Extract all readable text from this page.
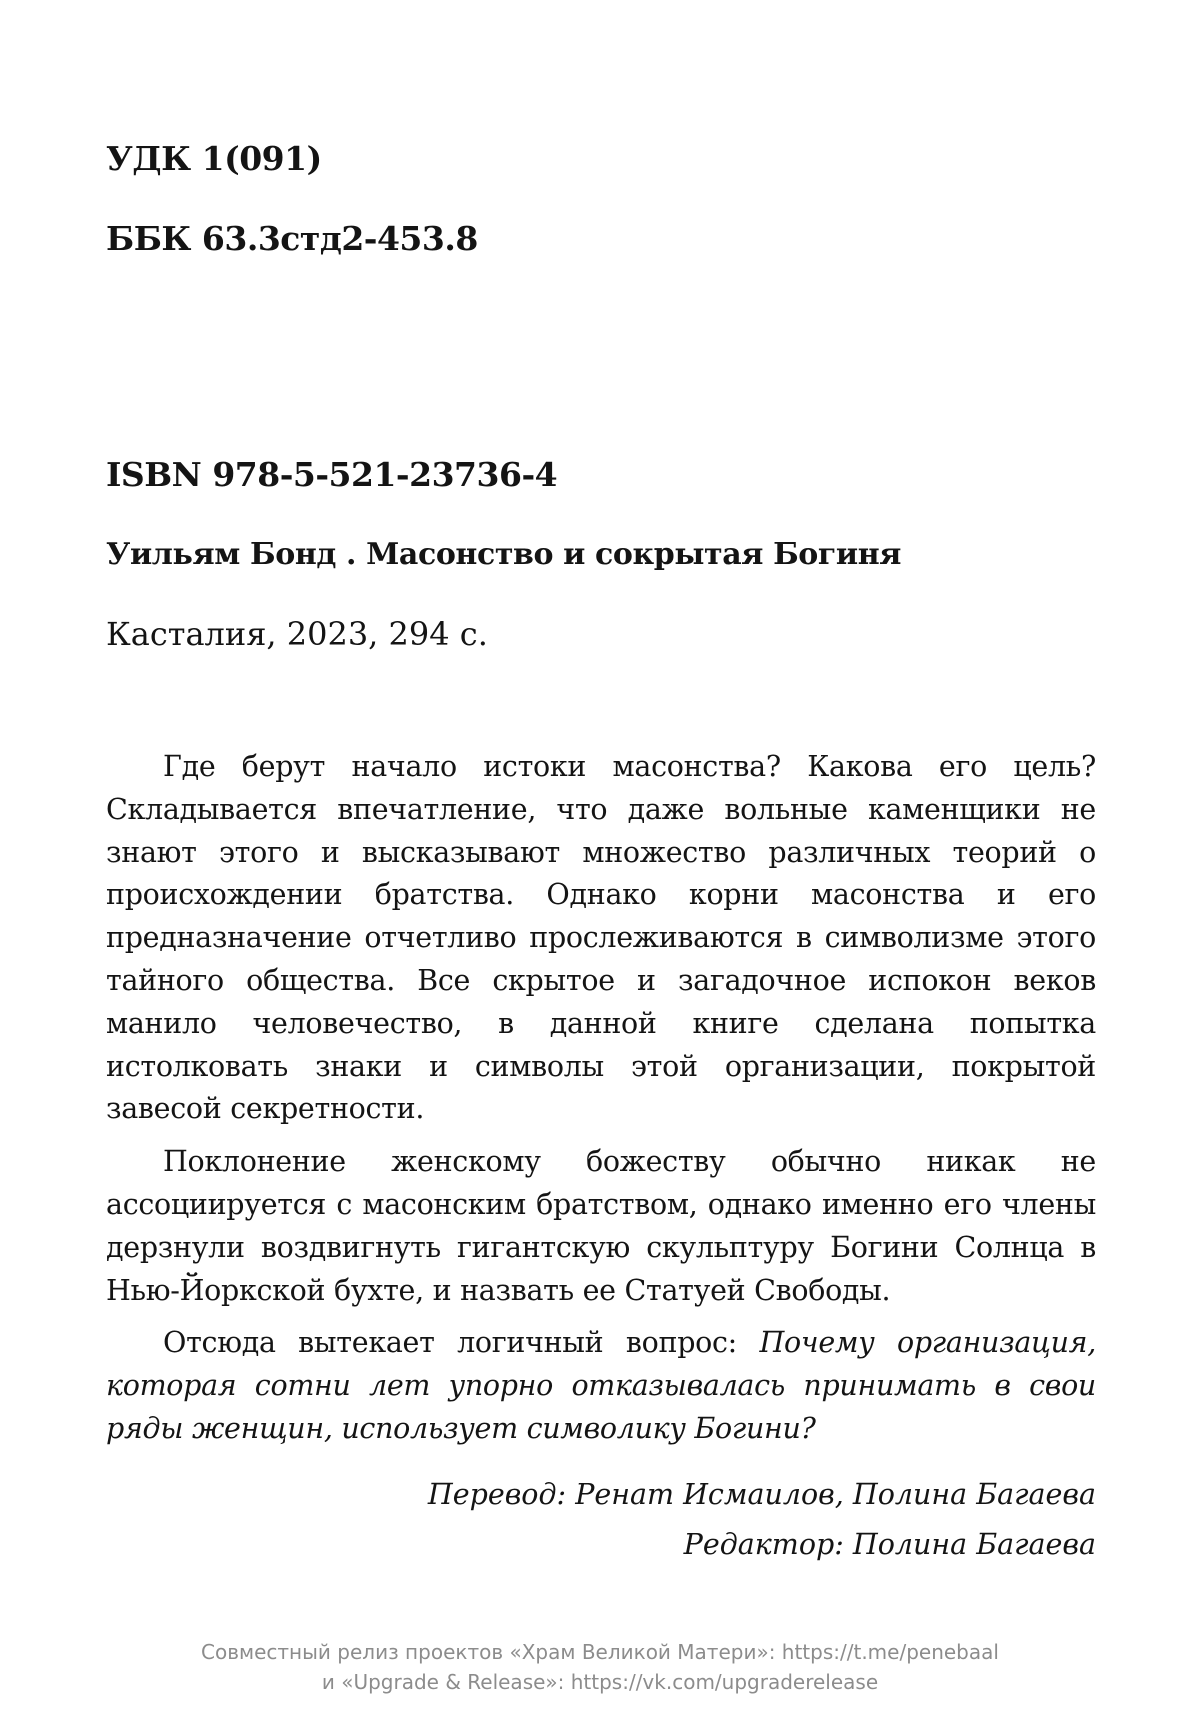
УДК 1(091)
ББК 63.3стд2-453.8
ISBN 978-5-521-23736-4
Уильям Бонд . Масонство и сокрытая Богиня
Касталия, 2023, 294 с.

Где берут начало истоки масонства? Какова его цель? Складывается впечатление, что даже вольные каменщики не знают этого и высказывают множество различных теорий о происхождении братства. Однако корни масонства и его предназначение отчетливо прослеживаются в символизме этого тайного общества. Все скрытое и загадочное испокон веков манило человечество, в данной книге сделана попытка истолковать знаки и символы этой организации, покрытой завесой секретности.

Поклонение женскому божеству обычно никак не ассоциируется с масонским братством, однако именно его члены дерзнули воздвигнуть гигантскую скульптуру Богини Солнца в Нью-Йоркской бухте, и назвать ее Статуей Свободы.

Отсюда вытекает логичный вопрос: Почему организация, которая сотни лет упорно отказывалась принимать в свои ряды женщин, использует символику Богини?

Перевод: Ренат Исмаилов, Полина Багаева
Редактор: Полина Багаева
Совместный релиз проектов «Храм Великой Матери»: https://t.me/penebaal
и «Upgrade & Release»: https://vk.com/upgraderelease
